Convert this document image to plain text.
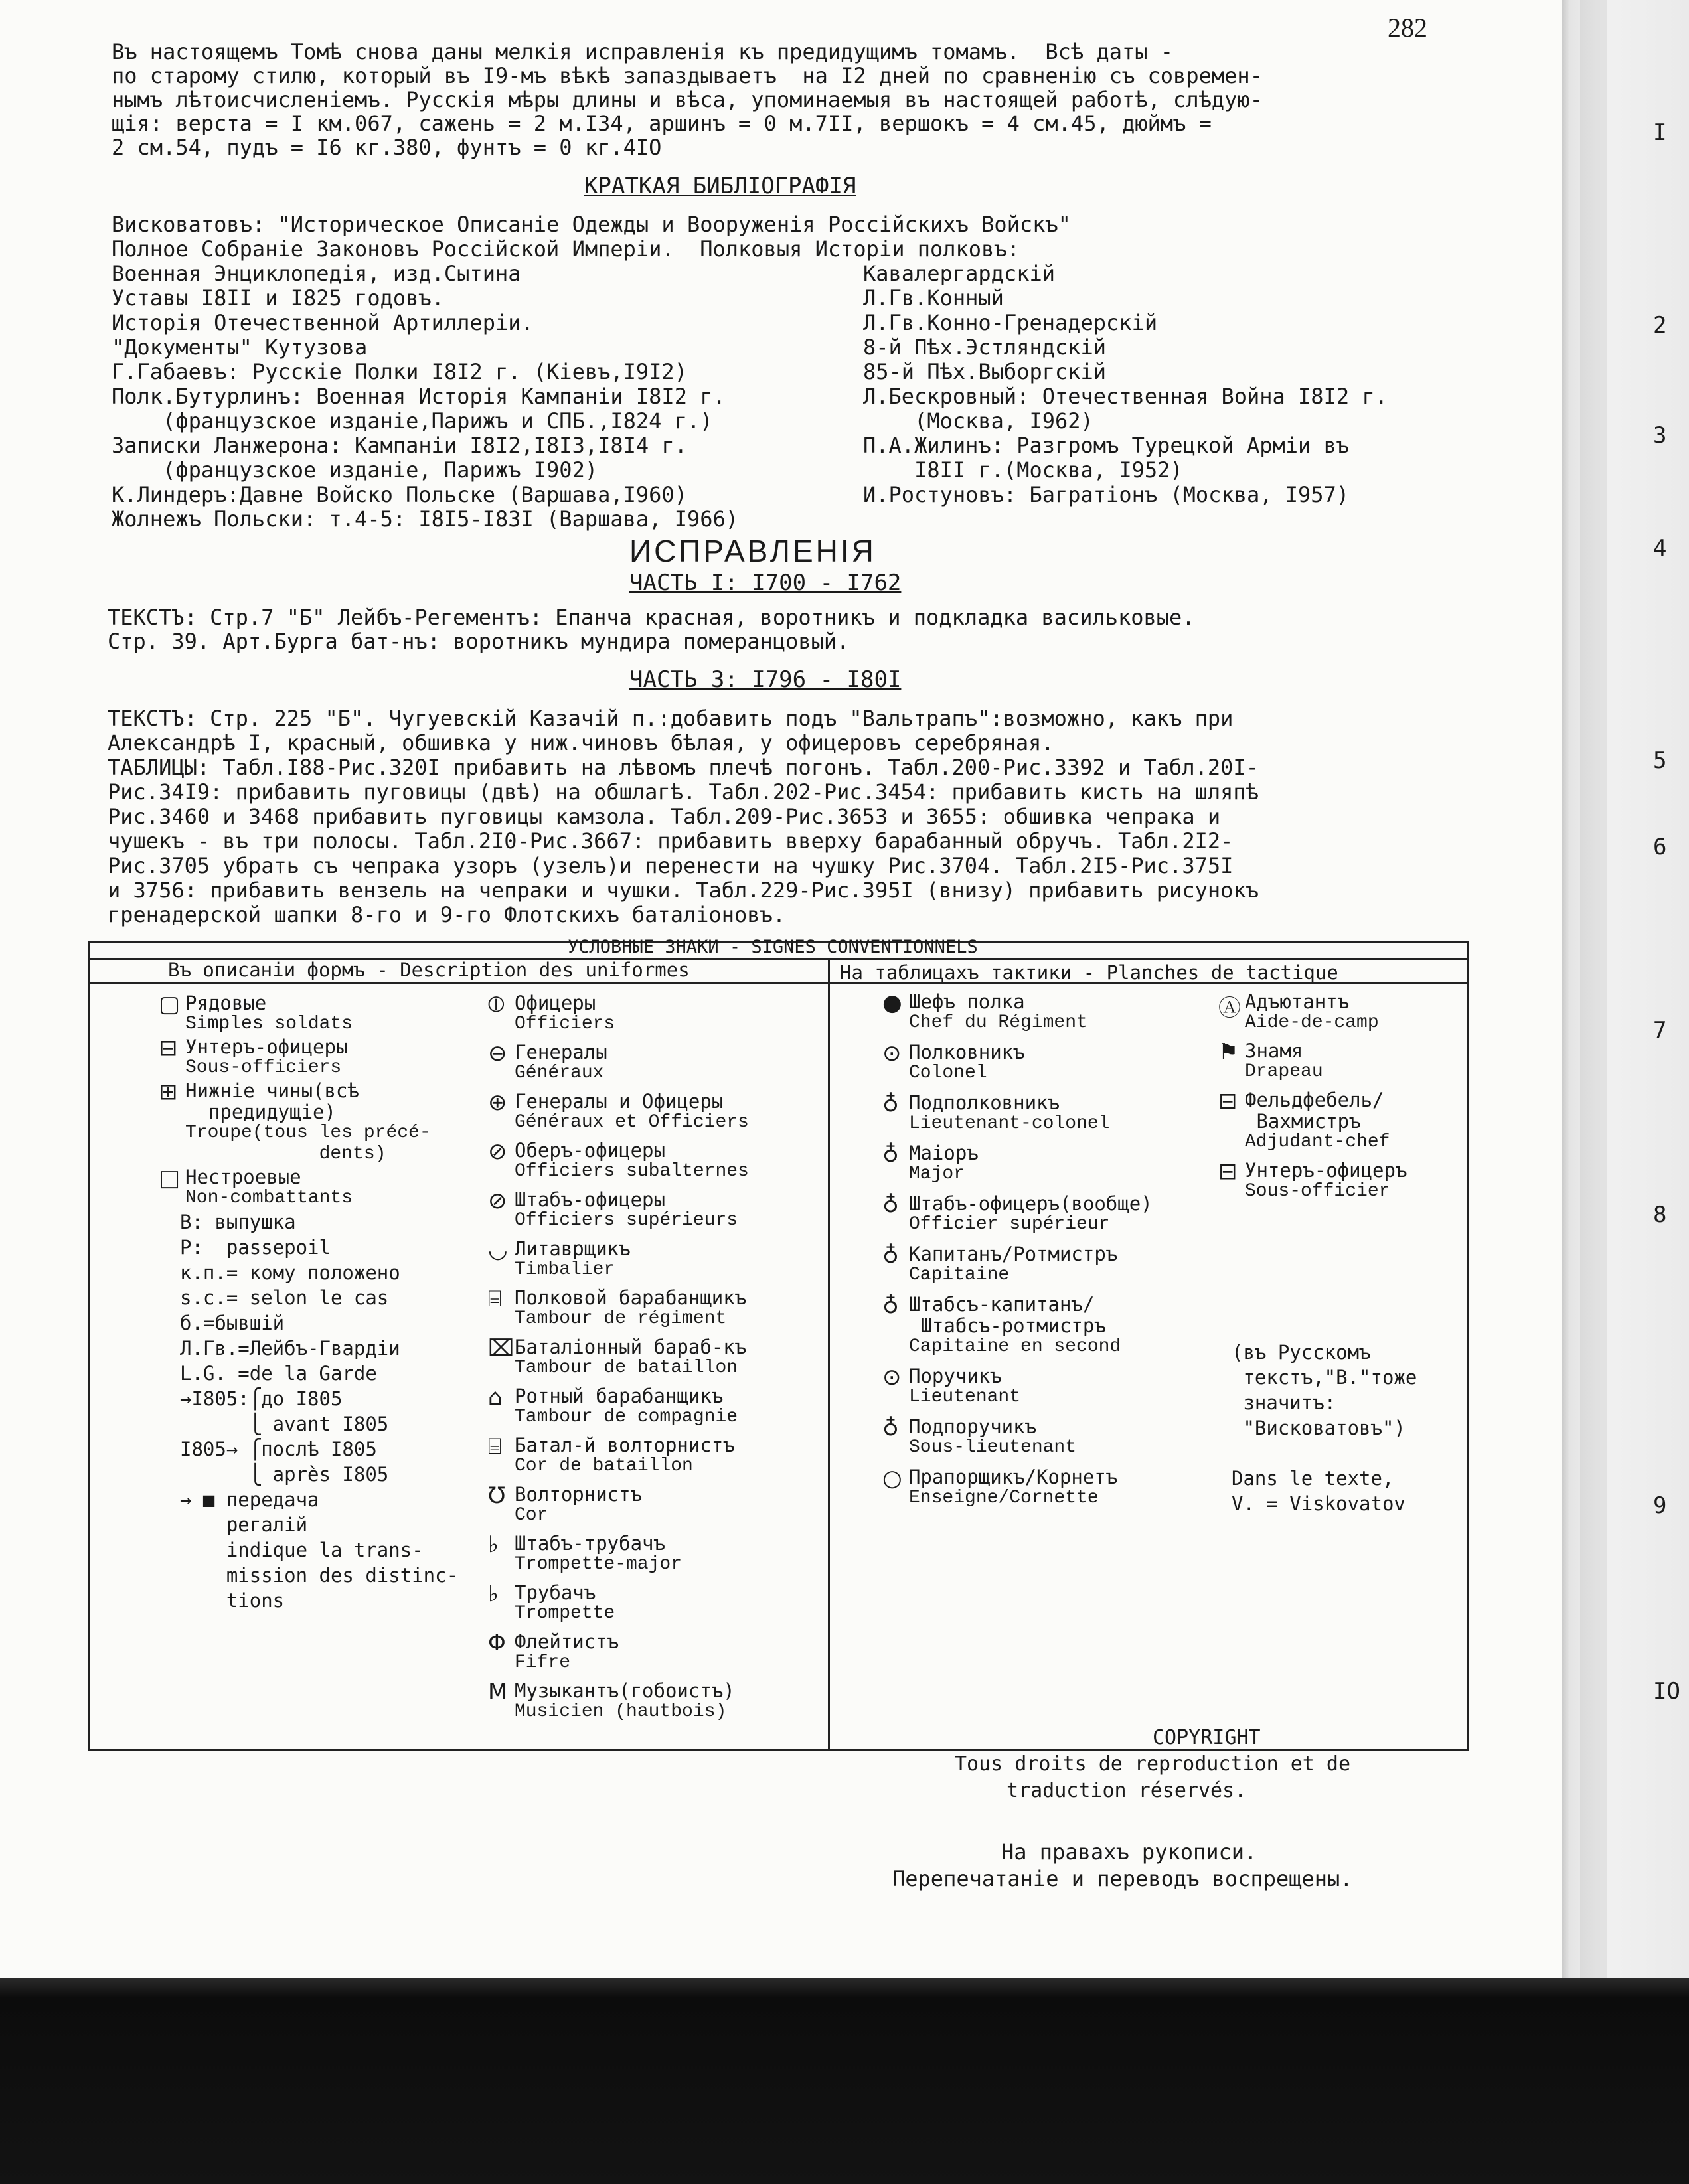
282
I
2
3
4
5
6
7
8
9
IO
Въ настоящемъ Томѣ снова даны мелкія исправленія къ предидущимъ томамъ.  Всѣ даты -
по старому стилю, который въ I9-мъ вѣкѣ запаздываетъ  на I2 дней по сравненію съ современ-
нымъ лѣтоисчисленіемъ. Русскія мѣры длины и вѣса, упоминаемыя въ настоящей работѣ, слѣдую-
щія: верста = I км.067, сажень = 2 м.I34, аршинъ = 0 м.7II, вершокъ = 4 см.45, дюймъ =
2 см.54, пудъ = I6 кг.380, фунтъ = 0 кг.4IO
КРАТКАЯ БИБЛІОГРАФІЯ
Висковатовъ: "Историческое Описаніе Одежды и Вооруженія Россійскихъ Войскъ"
Полное Собраніе Законовъ Россійской Имперіи.  Полковыя Исторіи полковъ:
Военная Энциклопедія, изд.Сытина
Уставы I8II и I825 годовъ.
Исторія Отечественной Артиллеріи.
"Документы" Кутузова
Г.Габаевъ: Русскіе Полки I8I2 г. (Кіевъ,I9I2)
Полк.Бутурлинъ: Военная Исторія Кампаніи I8I2 г.
(французское изданіе,Парижъ и СПБ.,I824 г.)
Записки Ланжерона: Кампаніи I8I2,I8I3,I8I4 г.
(французское изданіе, Парижъ I902)
К.Линдеръ:Давне Войско Польске (Варшава,I960)
Жолнежъ Польски: т.4-5: I8I5-I83I (Варшава, I966)
Кавалергардскій
Л.Гв.Конный
Л.Гв.Конно-Гренадерскій
8-й Пѣх.Эстляндскій
85-й Пѣх.Выборгскій
Л.Бескровный: Отечественная Война I8I2 г.
(Москва, I962)
П.А.Жилинъ: Разгромъ Турецкой Арміи въ
I8II г.(Москва, I952)
И.Ростуновъ: Багратіонъ (Москва, I957)
ИСПРАВЛЕНІЯ
ЧАСТЬ I: I700 - I762
ТЕКСТЪ: Стр.7 "Б" Лейбъ-Регементъ: Епанча красная, воротникъ и подкладка васильковые.
Стр. 39. Арт.Бурга бат-нъ: воротникъ мундира померанцовый.
ЧАСТЬ 3: I796 - I80I
ТЕКСТЪ: Стр. 225 "Б". Чугуевскій Казачій п.:добавить подъ "Вальтрапъ":возможно, какъ при
Александрѣ I, красный, обшивка у ниж.чиновъ бѣлая, у офицеровъ серебряная.
ТАБЛИЦЫ: Табл.I88-Рис.320I прибавить на лѣвомъ плечѣ погонъ. Табл.200-Рис.3392 и Табл.20I-
Рис.34I9: прибавить пуговицы (двѣ) на обшлагѣ. Табл.202-Рис.3454: прибавить кисть на шляпѣ
Рис.3460 и 3468 прибавить пуговицы камзола. Табл.209-Рис.3653 и 3655: обшивка чепрака и
чушекъ - въ три полосы. Табл.2I0-Рис.3667: прибавить вверху барабанный обручъ. Табл.2I2-
Рис.3705 убрать съ чепрака узоръ (узелъ)и перенести на чушку Рис.3704. Табл.2I5-Рис.375I
и 3756: прибавить вензель на чепраки и чушки. Табл.229-Рис.395I (внизу) прибавить рисунокъ
гренадерской шапки 8-го и 9-го Флотскихъ баталіоновъ.
УСЛОВНЫЕ ЗНАКИ - SIGNES CONVENTIONNELS
Въ описаніи формъ - Description des uniformes	На таблицахъ тактики - Planches de tactique
▢ Рядовые
Simples soldats
⊟ Унтеръ-офицеры
Sous-officiers
⊞ Нижніе чины(всѣ
предидущіе)
Troupe(tous les précé-
dents)
□ Нестроевые
Non-combattants
В: выпушка
Р:  passepoil
к.п.= кому положено
s.c.= selon le cas
б.=бывшій
Л.Гв.=Лейбъ-Гвардіи
L.G. =de la Garde
→I805:⎧до I805
⎩ avant I805
I805→ ⎧послѣ I805
⎩ après I805
→ ■ передача
регалій
indique la trans-
mission des distinc-
tions
⦶ Офицеры
Officiers
⊖ Генералы
Généraux
⊕ Генералы и Офицеры
Généraux et Officiers
⊘ Оберъ-офицеры
Officiers subalternes
⊘ Штабъ-офицеры
Officiers supérieurs
◡ Литаврщикъ
Timbalier
⌸ Полковой барабанщикъ
Tambour de régiment
⌧ Баталіонный бараб-къ
Tambour de bataillon
⌂ Ротный барабанщикъ
Tambour de compagnie
⌸ Батал-й волторнистъ
Cor de bataillon
℧ Волторнистъ
Cor
♭ Штабъ-трубачъ
Trompette-major
♭ Трубачъ
Trompette
Φ Флейтистъ
Fifre
M Музыкантъ(гобоистъ)
Musicien (hautbois)
● Шефъ полка
Chef du Régiment
⊙ Полковникъ
Colonel
♁ Подполковникъ
Lieutenant-colonel
♁ Маіоръ
Major
♁ Штабъ-офицеръ(вообще)
Officier supérieur
♁ Капитанъ/Ротмистръ
Capitaine
♁ Штабсъ-капитанъ/
Штабсъ-ротмистръ
Capitaine en second
⊙ Поручикъ
Lieutenant
♁ Подпоручикъ
Sous-lieutenant
○ Прапорщикъ/Корнетъ
Enseigne/Cornette
Ⓐ Адъютантъ
Aide-de-camp
⚑ Знамя
Drapeau
⊟ Фельдфебель/
Вахмистръ
Adjudant-chef
⊟ Унтеръ-офицеръ
Sous-officier
(въ Русскомъ
текстъ,"В."тоже
значитъ:
"Висковатовъ")
Dans le texte,
V. = Viskovatov
COPYRIGHT
Tous droits de reproduction et de
traduction réservés.
На правахъ рукописи.
Перепечатаніе и переводъ воспрещены.
